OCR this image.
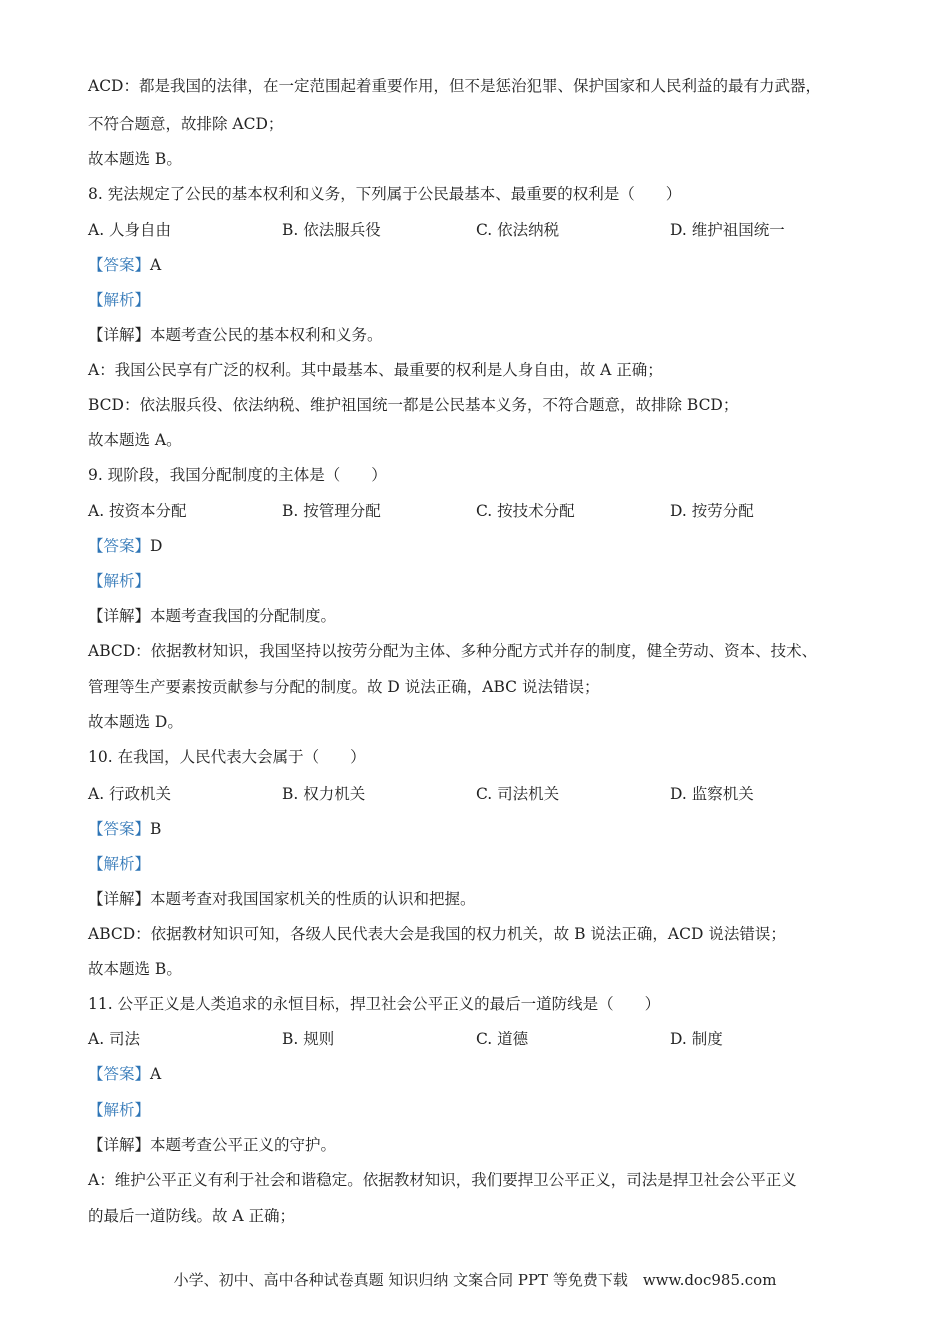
ACD：都是我国的法律，在一定范围起着重要作用，但不是惩治犯罪、保护国家和人民利益的最有力武器，
不符合题意，故排除 ACD；
故本题选 B。
8. 宪法规定了公民的基本权利和义务，下列属于公民最基本、最重要的权利是（　　）
A. 人身自由	B. 依法服兵役	C. 依法纳税	D. 维护祖国统一
【答案】A
【解析】
【详解】本题考查公民的基本权利和义务。
A：我国公民享有广泛的权利。其中最基本、最重要的权利是人身自由，故 A 正确；
BCD：依法服兵役、依法纳税、维护祖国统一都是公民基本义务，不符合题意，故排除 BCD；
故本题选 A。
9. 现阶段，我国分配制度的主体是（　　）
A. 按资本分配	B. 按管理分配	C. 按技术分配	D. 按劳分配
【答案】D
【解析】
【详解】本题考查我国的分配制度。
ABCD：依据教材知识，我国坚持以按劳分配为主体、多种分配方式并存的制度，健全劳动、资本、技术、
管理等生产要素按贡献参与分配的制度。故 D 说法正确，ABC 说法错误；
故本题选 D。
10. 在我国，人民代表大会属于（　　）
A. 行政机关	B. 权力机关	C. 司法机关	D. 监察机关
【答案】B
【解析】
【详解】本题考查对我国国家机关的性质的认识和把握。
ABCD：依据教材知识可知，各级人民代表大会是我国的权力机关，故 B 说法正确，ACD 说法错误；
故本题选 B。
11. 公平正义是人类追求的永恒目标，捍卫社会公平正义的最后一道防线是（　　）
A. 司法	B. 规则	C. 道德	D. 制度
【答案】A
【解析】
【详解】本题考查公平正义的守护。
A：维护公平正义有利于社会和谐稳定。依据教材知识，我们要捍卫公平正义，司法是捍卫社会公平正义
的最后一道防线。故 A 正确；
小学、初中、高中各种试卷真题 知识归纳 文案合同 PPT 等免费下载　www.doc985.com
